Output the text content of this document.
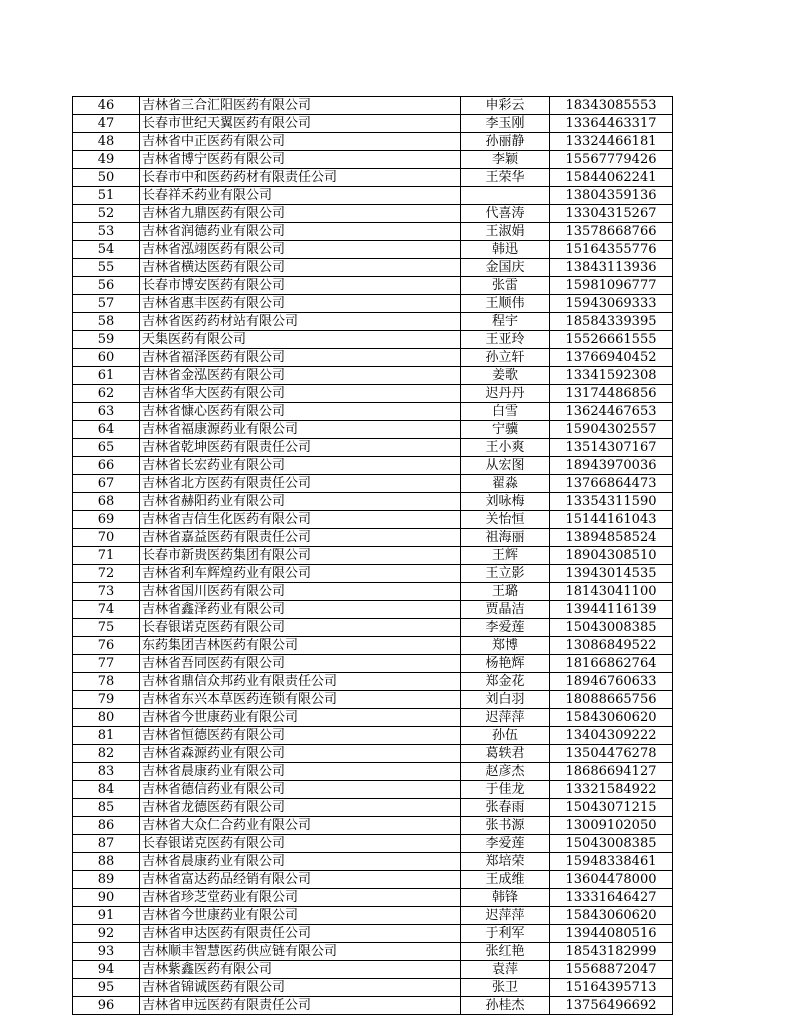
46	吉林省三合汇阳医药有限公司	申彩云	18343085553
47	长春市世纪天翼医药有限公司	李玉刚	13364463317
48	吉林省中正医药有限公司	孙丽静	13324466181
49	吉林省博宁医药有限公司	李颖	15567779426
50	长春市中和医药药材有限责任公司	王荣华	15844062241
51	长春祥禾药业有限公司		13804359136
52	吉林省九鼎医药有限公司	代喜涛	13304315267
53	吉林省润德药业有限公司	王淑娟	13578668766
54	吉林省泓翊医药有限公司	韩迅	15164355776
55	吉林省横达医药有限公司	金国庆	13843113936
56	长春市博安医药有限公司	张雷	15981096777
57	吉林省惠丰医药有限公司	王顺伟	15943069333
58	吉林省医药药材站有限公司	程宇	18584339395
59	天集医药有限公司	王亚玲	15526661555
60	吉林省福泽医药有限公司	孙立轩	13766940452
61	吉林省金泓医药有限公司	姜歌	13341592308
62	吉林省华大医药有限公司	迟丹丹	13174486856
63	吉林省慷心医药有限公司	白雪	13624467653
64	吉林省福康源药业有限公司	宁骥	15904302557
65	吉林省乾坤医药有限责任公司	王小爽	13514307167
66	吉林省长宏药业有限公司	从宏图	18943970036
67	吉林省北方医药有限责任公司	翟淼	13766864473
68	吉林省赫阳药业有限公司	刘咏梅	13354311590
69	吉林省吉信生化医药有限公司	关怡恒	15144161043
70	吉林省嘉益医药有限责任公司	祖海丽	13894858524
71	长春市新贵医药集团有限公司	王辉	18904308510
72	吉林省利车辉煌药业有限公司	王立影	13943014535
73	吉林省国川医药有限公司	王璐	18143041100
74	吉林省鑫泽药业有限公司	贾晶洁	13944116139
75	长春银诺克医药有限公司	李爱莲	15043008385
76	东药集团吉林医药有限公司	郑博	13086849522
77	吉林省吾同医药有限公司	杨艳辉	18166862764
78	吉林省鼎信众邦药业有限责任公司	郑金花	18946760633
79	吉林省东兴本草医药连锁有限公司	刘白羽	18088665756
80	吉林省今世康药业有限公司	迟萍萍	15843060620
81	吉林省恒德医药有限公司	孙伍	13404309222
82	吉林省森源药业有限公司	葛轶君	13504476278
83	吉林省晨康药业有限公司	赵彦杰	18686694127
84	吉林省德信药业有限公司	于佳龙	13321584922
85	吉林省龙德医药有限公司	张春雨	15043071215
86	吉林省大众仁合药业有限公司	张书源	13009102050
87	长春银诺克医药有限公司	李爱莲	15043008385
88	吉林省晨康药业有限公司	郑培荣	15948338461
89	吉林省富达药品经销有限公司	王成维	13604478000
90	吉林省珍芝堂药业有限公司	韩锋	13331646427
91	吉林省今世康药业有限公司	迟萍萍	15843060620
92	吉林省申达医药有限责任公司	于利军	13944080516
93	吉林顺丰智慧医药供应链有限公司	张红艳	18543182999
94	吉林紫鑫医药有限公司	袁萍	15568872047
95	吉林省锦诚医药有限公司	张卫	15164395713
96	吉林省申远医药有限责任公司	孙桂杰	13756496692
